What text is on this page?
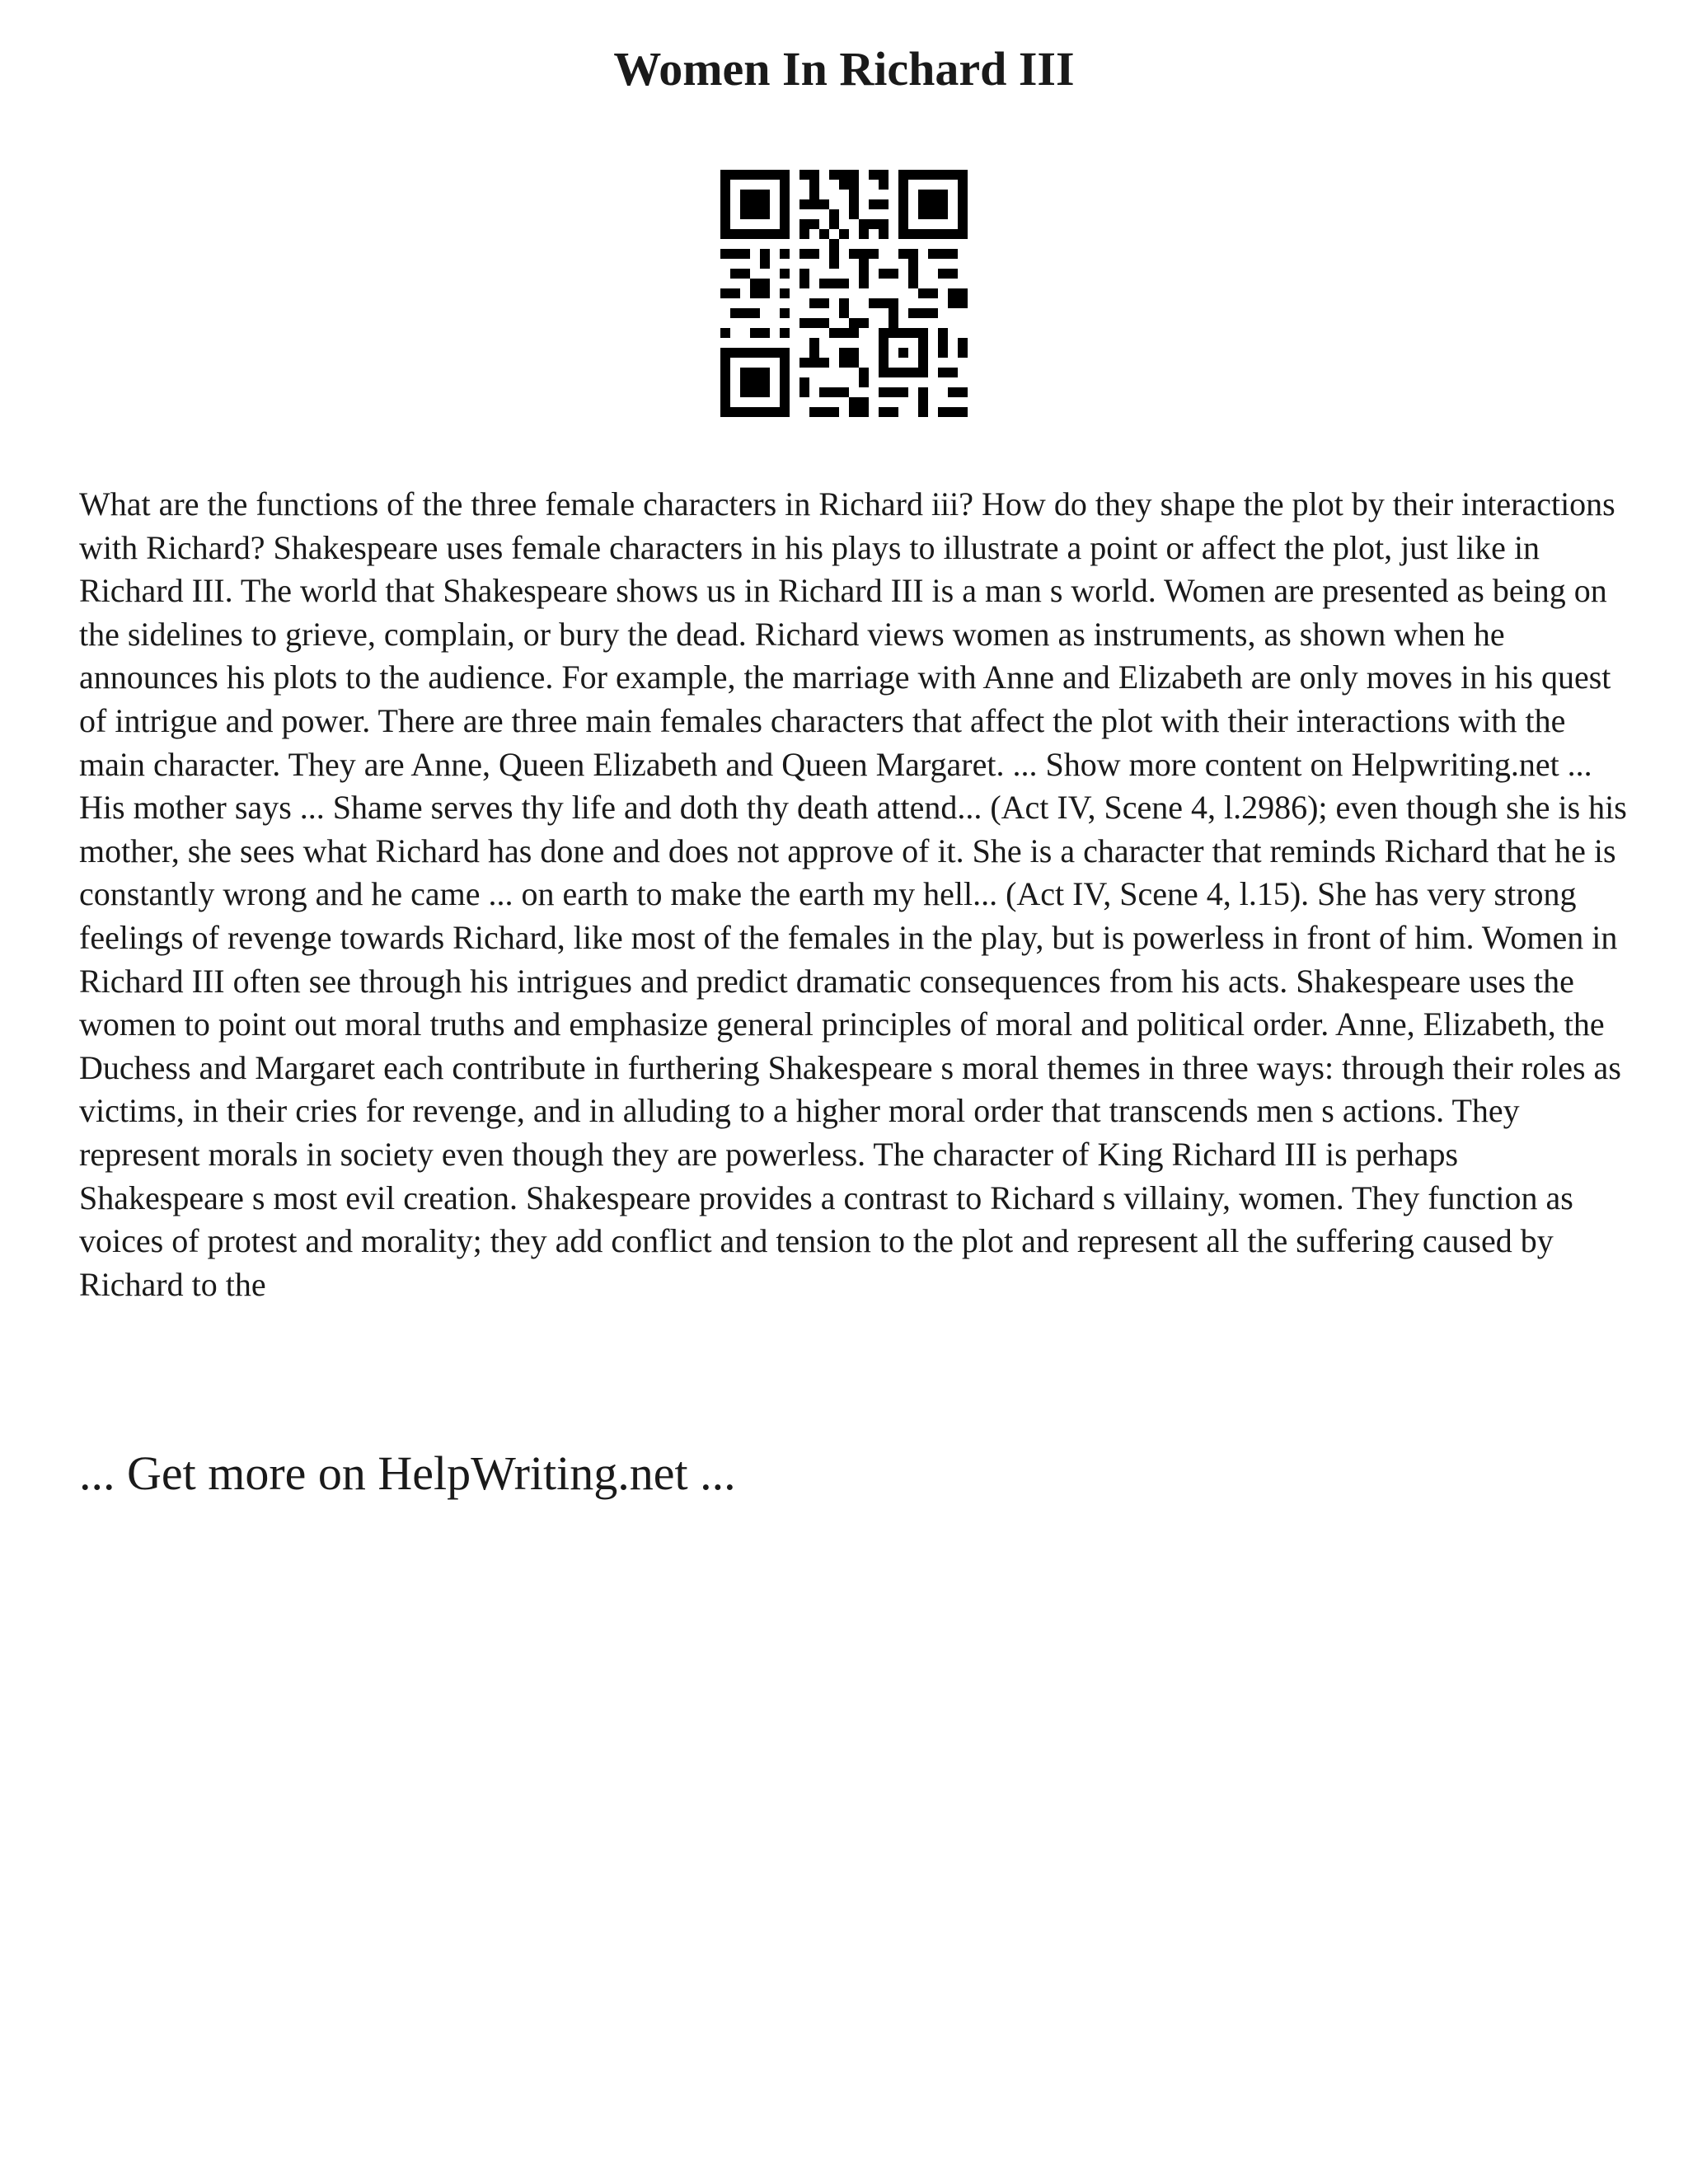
Women In Richard III

What are the functions of the three female characters in Richard iii? How do they shape the plot by their interactions with Richard? Shakespeare uses female characters in his plays to illustrate a point or affect the plot, just like in Richard III. The world that Shakespeare shows us in Richard III is a man s world. Women are presented as being on the sidelines to grieve, complain, or bury the dead. Richard views women as instruments, as shown when he announces his plots to the audience. For example, the marriage with Anne and Elizabeth are only moves in his quest of intrigue and power. There are three main females characters that affect the plot with their interactions with the main character. They are Anne, Queen Elizabeth and Queen Margaret. ... Show more content on Helpwriting.net ...

His mother says ... Shame serves thy life and doth thy death attend... (Act IV, Scene 4, l.2986); even though she is his mother, she sees what Richard has done and does not approve of it. She is a character that reminds Richard that he is constantly wrong and he came ... on earth to make the earth my hell... (Act IV, Scene 4, l.15). She has very strong feelings of revenge towards Richard, like most of the females in the play, but is powerless in front of him. Women in Richard III often see through his intrigues and predict dramatic consequences from his acts. Shakespeare uses the women to point out moral truths and emphasize general principles of moral and political order. Anne, Elizabeth, the Duchess and Margaret each contribute in furthering Shakespeare s moral themes in three ways: through their roles as victims, in their cries for revenge, and in alluding to a higher moral order that transcends men s actions. They represent morals in society even though they are powerless. The character of King Richard III is perhaps Shakespeare s most evil creation. Shakespeare provides a contrast to Richard s villainy, women. They function as voices of protest and morality; they add conflict and tension to the plot and represent all the suffering caused by Richard to the

... Get more on HelpWriting.net ...
